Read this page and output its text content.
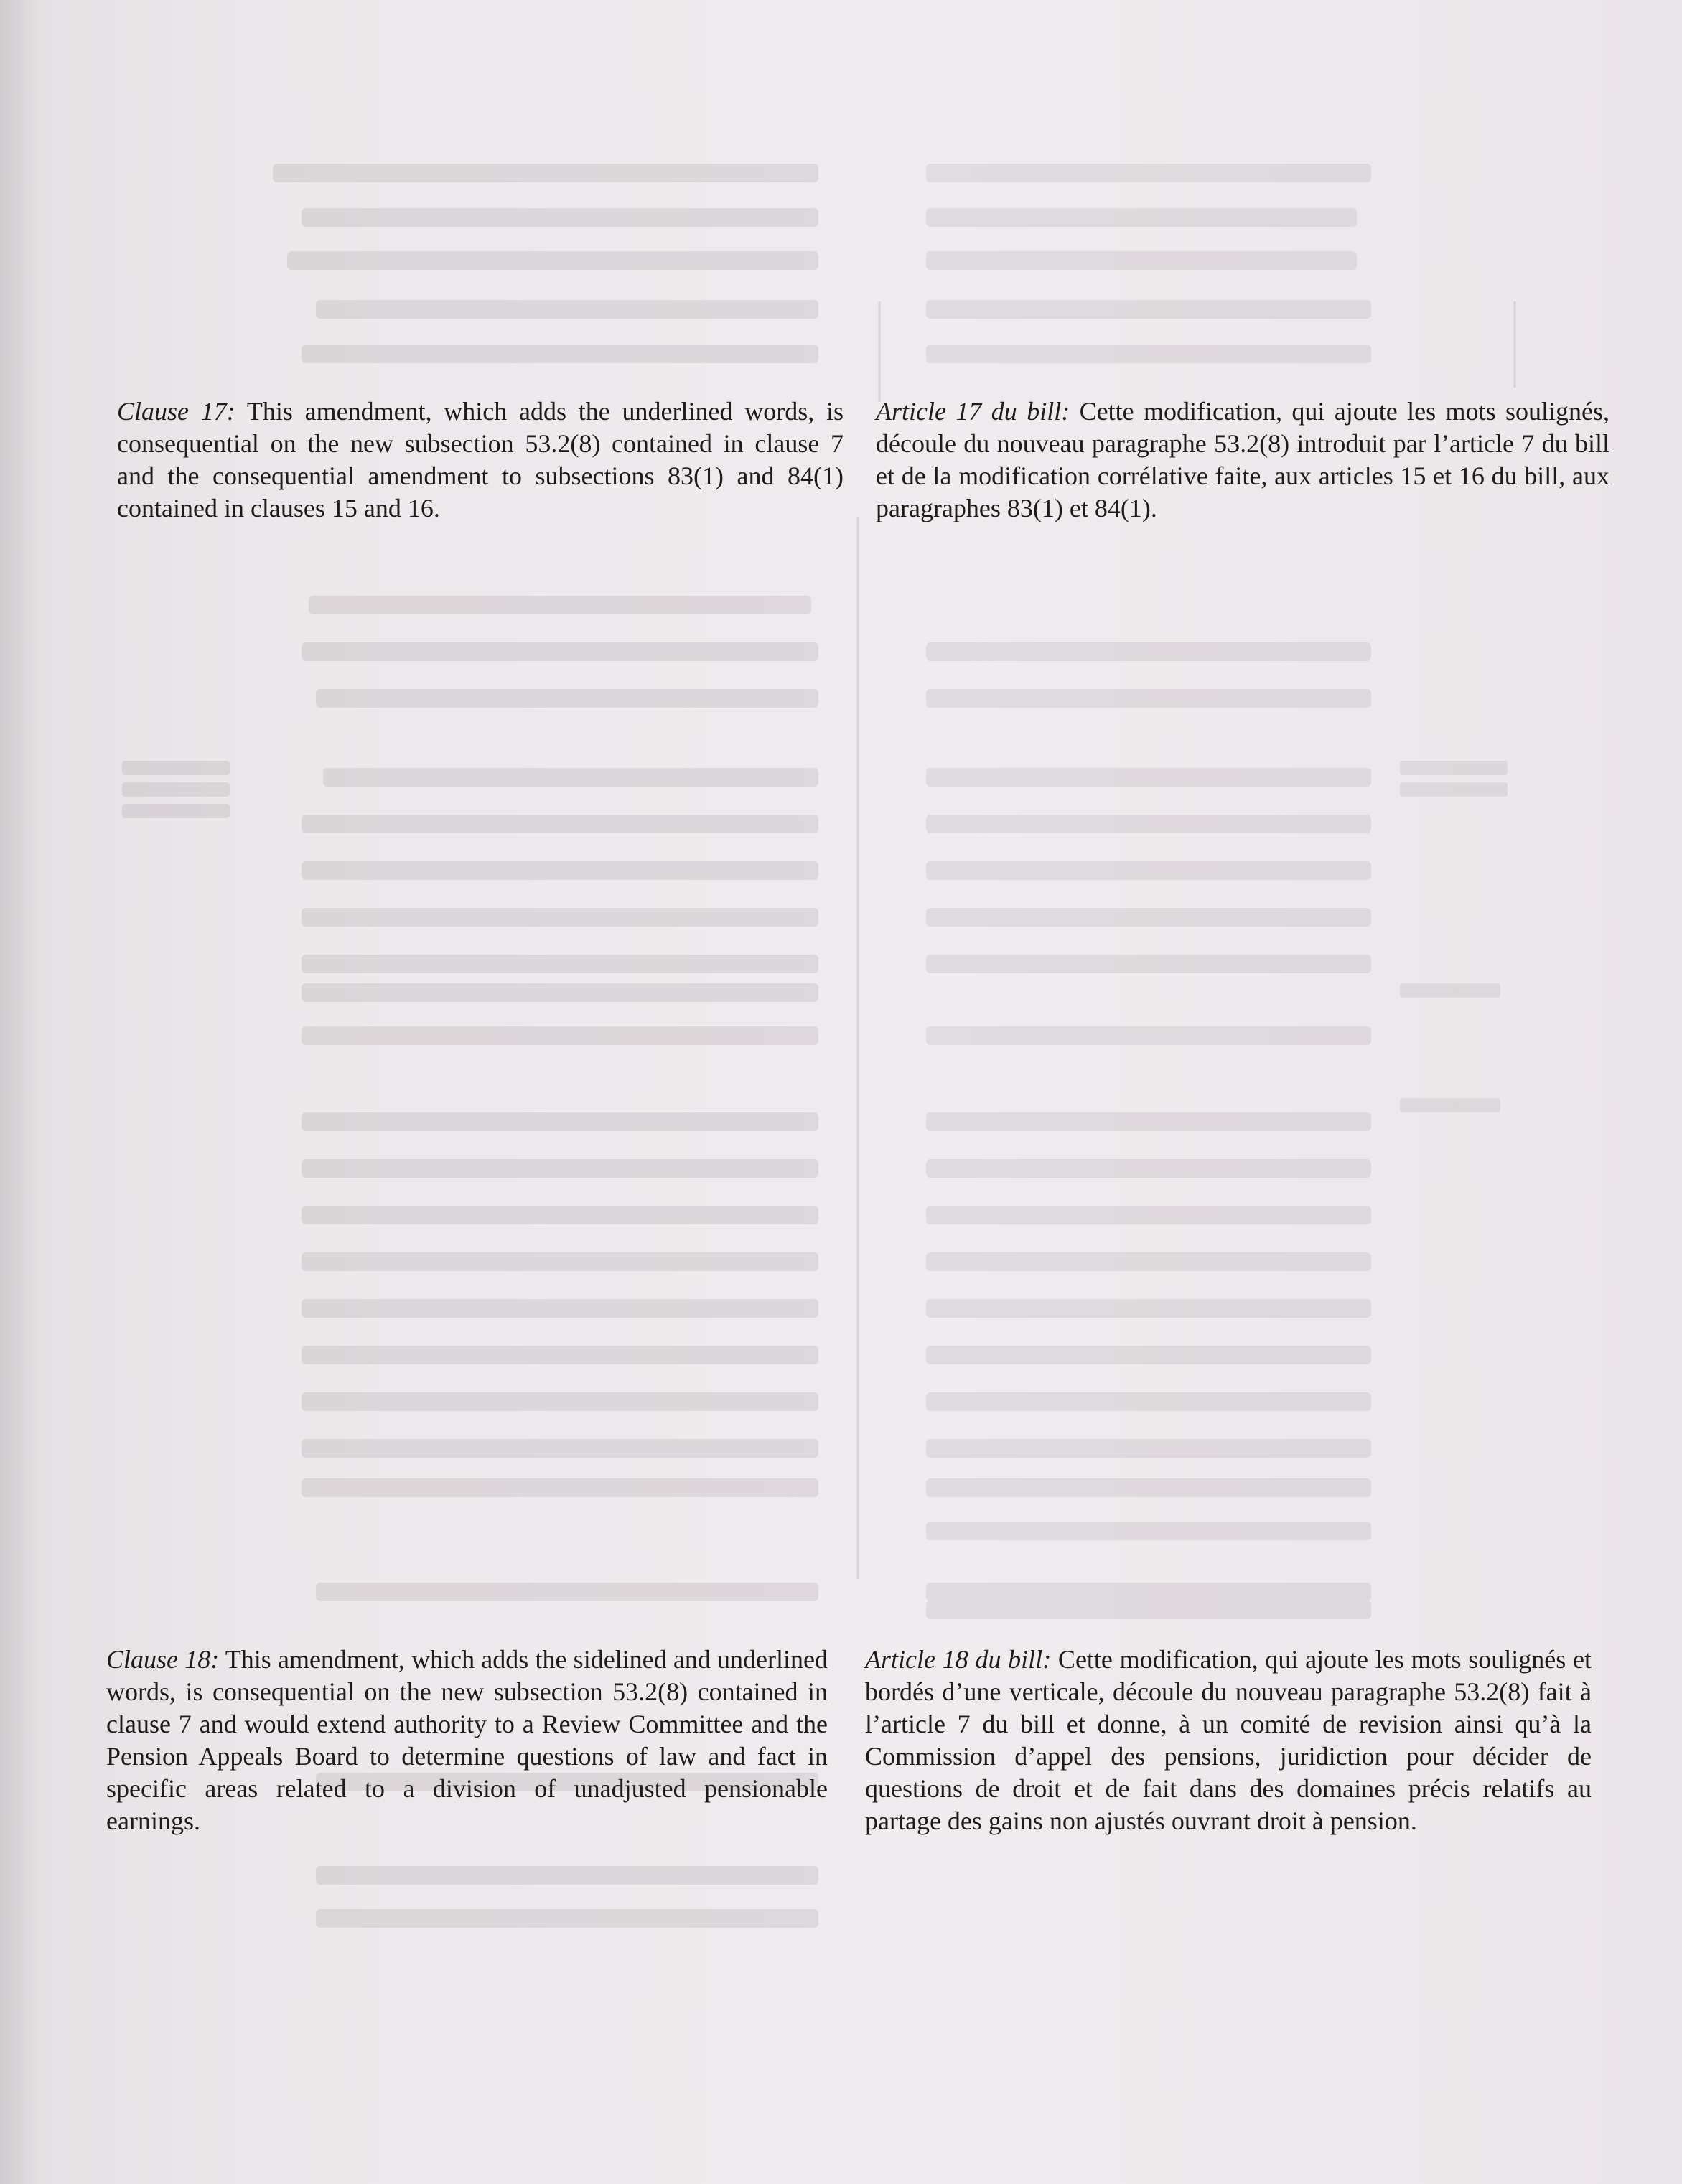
Clause 17: This amendment, which adds the underlined words, is consequential on the new subsection 53.2(8) contained in clause 7 and the consequential amendment to subsections 83(1) and 84(1) contained in clauses 15 and 16.

Article 17 du bill: Cette modification, qui ajoute les mots soulignés, découle du nouveau paragraphe 53.2(8) introduit par l’article 7 du bill et de la modification corrélative faite, aux articles 15 et 16 du bill, aux paragraphes 83(1) et 84(1).

Clause 18: This amendment, which adds the sidelined and underlined words, is consequential on the new subsection 53.2(8) contained in clause 7 and would extend authority to a Review Committee and the Pension Appeals Board to determine questions of law and fact in specific areas related to a division of unadjusted pensionable earnings.

Article 18 du bill: Cette modification, qui ajoute les mots soulignés et bordés d’une verticale, découle du nouveau paragraphe 53.2(8) fait à l’article 7 du bill et donne, à un comité de revision ainsi qu’à la Commission d’appel des pensions, juridiction pour décider de questions de droit et de fait dans des domaines précis relatifs au partage des gains non ajustés ouvrant droit à pension.
